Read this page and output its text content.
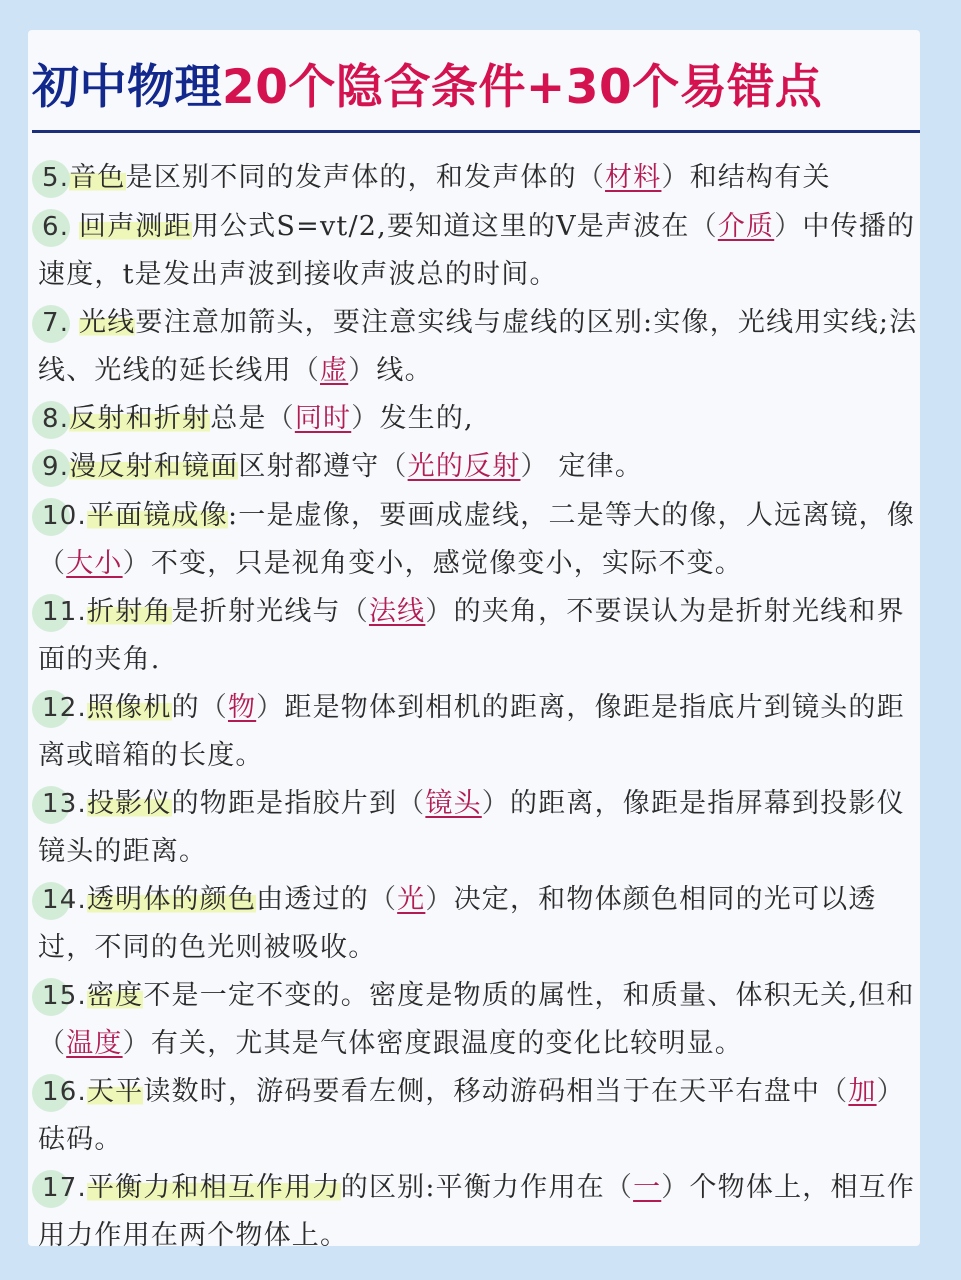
初中物理20个隐含条件+30个易错点

5.音色是区别不同的发声体的，和发声体的（材料）和结构有关

6. 回声测距用公式S=vt/2,要知道这里的V是声波在（介质）中传播的速度，t是发出声波到接收声波总的时间。

7. 光线要注意加箭头，要注意实线与虚线的区别:实像，光线用实线;法线、光线的延长线用（虚）线。

8.反射和折射总是（同时）发生的,

9.漫反射和镜面区射都遵守（光的反射） 定律。

10.平面镜成像:一是虚像，要画成虚线，二是等大的像，人远离镜，像（大小）不变，只是视角变小，感觉像变小，实际不变。

11.折射角是折射光线与（法线）的夹角，不要误认为是折射光线和界面的夹角.

12.照像机的（物）距是物体到相机的距离，像距是指底片到镜头的距离或暗箱的长度。

13.投影仪的物距是指胶片到（镜头）的距离，像距是指屏幕到投影仪镜头的距离。

14.透明体的颜色由透过的（光）决定，和物体颜色相同的光可以透过，不同的色光则被吸收。

15.密度不是一定不变的。密度是物质的属性，和质量、体积无关,但和（温度）有关，尤其是气体密度跟温度的变化比较明显。

16.天平读数时，游码要看左侧，移动游码相当于在天平右盘中（加）砝码。

17.平衡力和相互作用力的区别:平衡力作用在（一）个物体上，相互作用力作用在两个物体上。
